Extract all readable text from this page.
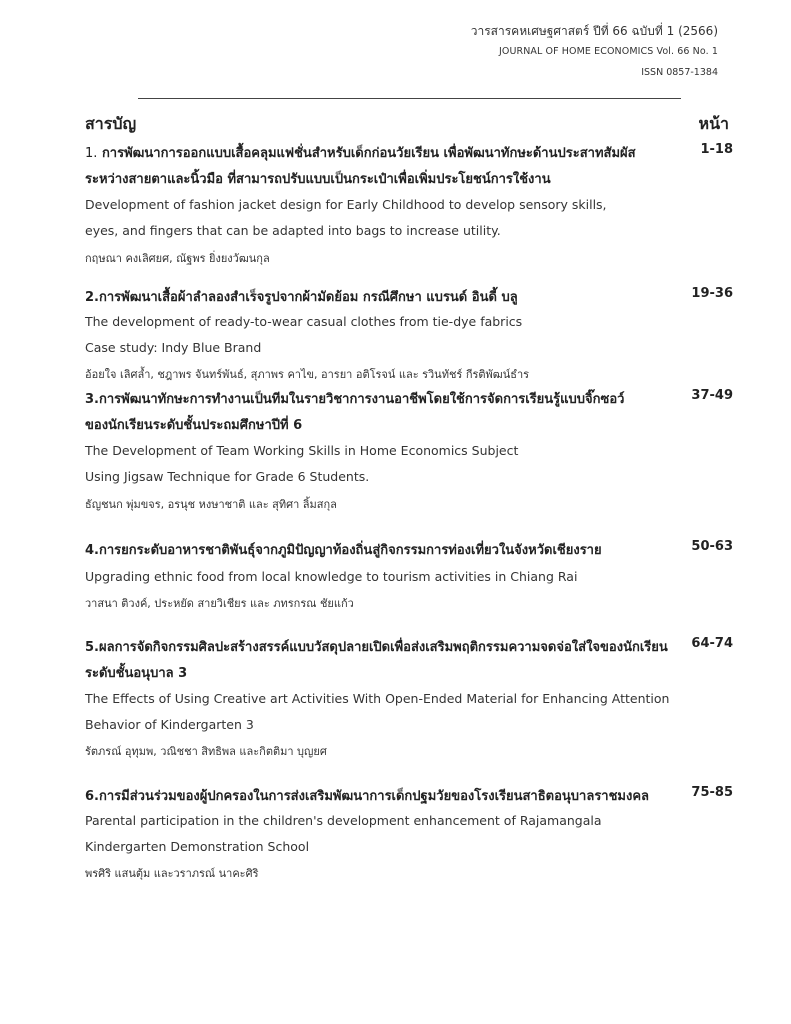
วารสารคหเศษฐศาสตร์ ปีที่ 66 ฉบับที่ 1 (2566)
JOURNAL OF HOME ECONOMICS Vol. 66 No. 1
ISSN 0857-1384
สารบัญ	หน้า
1. การพัฒนาการออกแบบเสื้อคลุมแฟชั่นสำหรับเด็กก่อนวัยเรียน เพื่อพัฒนาทักษะด้านประสาทสัมผัส
ระหว่างสายตาและนิ้วมือ ที่สามารถปรับแบบเป็นกระเป๋าเพื่อเพิ่มประโยชน์การใช้งาน
Development of fashion jacket design for Early Childhood to develop sensory skills,
eyes, and fingers that can be adapted into bags to increase utility.
กฤษณา คงเลิศยศ, ณัฐพร ยิ่งยงวัฒนกุล
1-18
2.การพัฒนาเสื้อผ้าลำลองสำเร็จรูปจากผ้ามัดย้อม กรณีศึกษา แบรนด์ อินดี้ บลู
The development of ready-to-wear casual clothes from tie-dye fabrics
Case study: Indy Blue Brand
อ้อยใจ เลิศล้ำ, ชฎาพร จันทร์พันธ์, สุภาพร คาไข, อารยา อติโรจน์ และ รวินทัชร์ กีรติพัฒน์ธำร
19-36
3.การพัฒนาทักษะการทำงานเป็นทีมในรายวิชาการงานอาชีพโดยใช้การจัดการเรียนรู้แบบจิ๊กซอว์
ของนักเรียนระดับชั้นประถมศึกษาปีที่ 6
The Development of Team Working Skills in Home Economics Subject
Using Jigsaw Technique for Grade 6 Students.
ธัญชนก พุ่มขจร, อรนุช หงษาชาติ และ สุทิศา ลิ้มสกุล
37-49
4.การยกระดับอาหารชาติพันธุ์จากภูมิปัญญาท้องถิ่นสู่กิจกรรมการท่องเที่ยวในจังหวัดเชียงราย
Upgrading ethnic food from local knowledge to tourism activities in Chiang Rai
วาสนา ติวงค์, ประหยัด สายวิเชียร และ ภทรกรณ ชัยแก้ว
50-63
5.ผลการจัดกิจกรรมศิลปะสร้างสรรค์แบบวัสดุปลายเปิดเพื่อส่งเสริมพฤติกรรมความจดจ่อใส่ใจของนักเรียน
ระดับชั้นอนุบาล 3
The Effects of Using Creative art Activities With Open-Ended Material for Enhancing Attention
Behavior of Kindergarten 3
รัตภรณ์ อุทุมพ, วณิชชา สิทธิพล และกิตติมา บุญยศ
64-74
6.การมีส่วนร่วมของผู้ปกครองในการส่งเสริมพัฒนาการเด็กปฐมวัยของโรงเรียนสาธิตอนุบาลราชมงคล
Parental participation in the children's development enhancement of Rajamangala
Kindergarten Demonstration School
พรศิริ แสนตุ้ม และวราภรณ์ นาคะศิริ
75-85
